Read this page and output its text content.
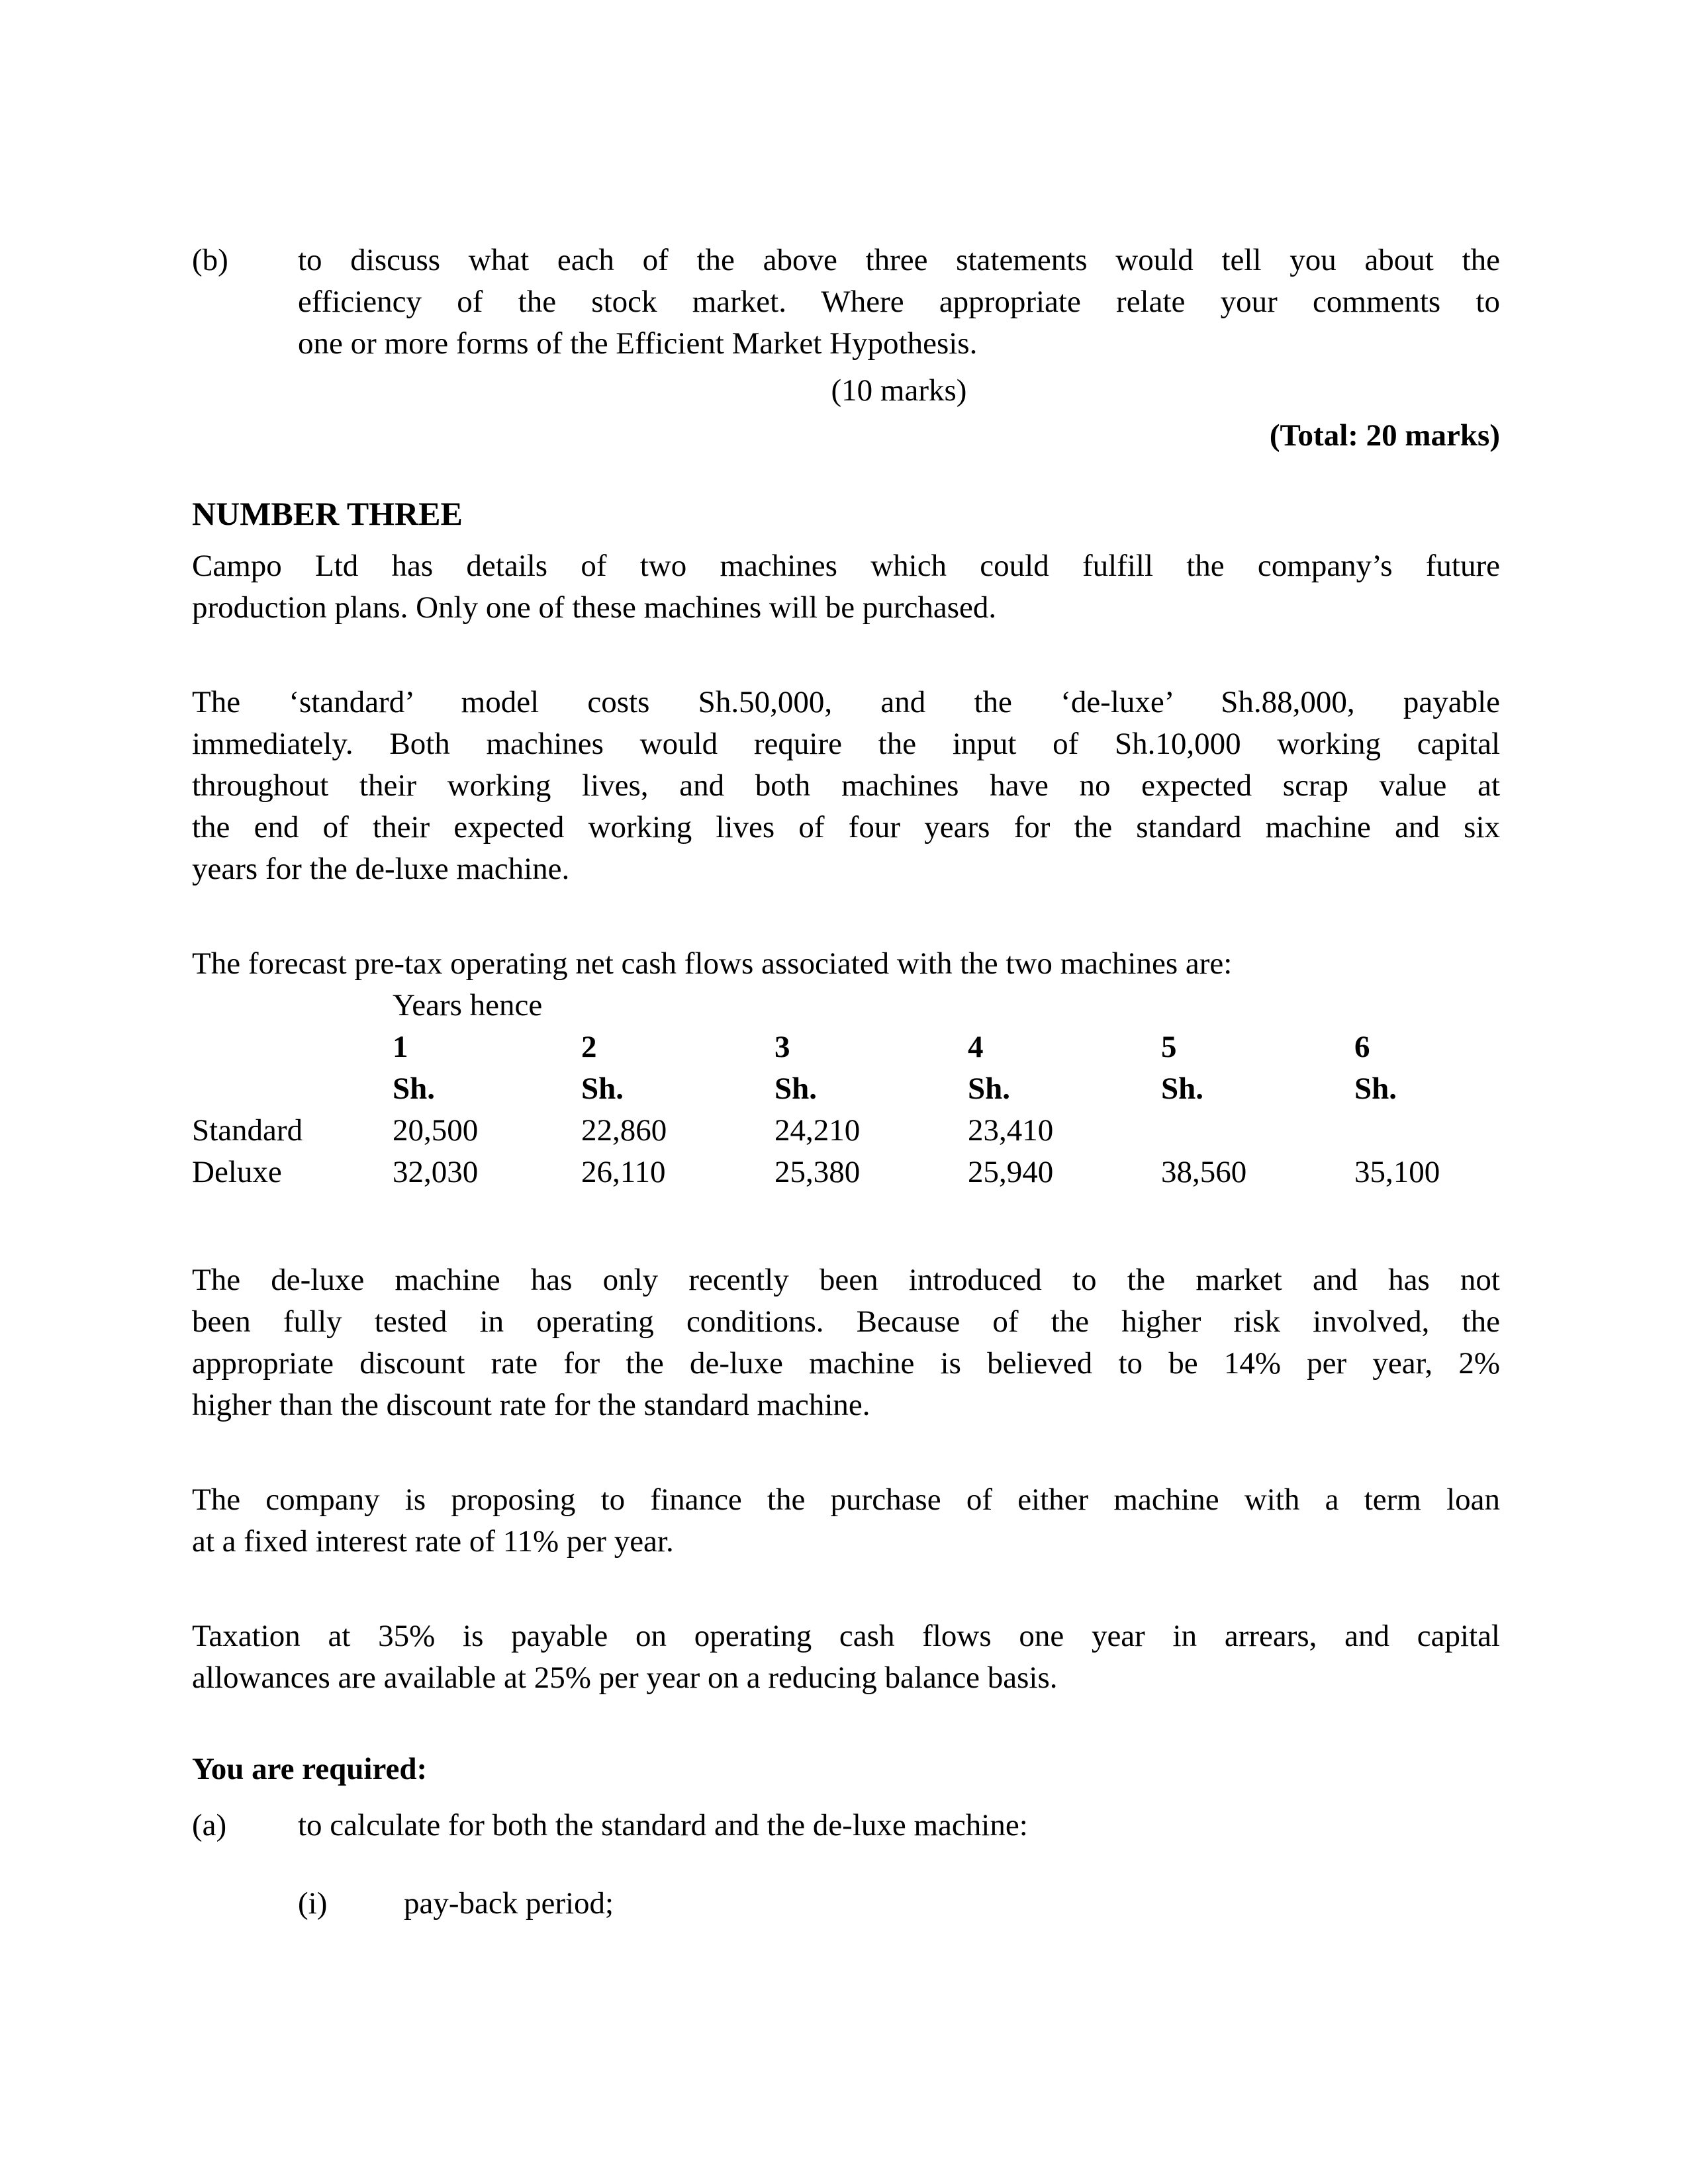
(b)	to discuss what each of the above three statements would tell you about the
efficiency of the stock market. Where appropriate relate your comments to
one or more forms of the Efficient Market Hypothesis.
(10 marks)
(Total: 20 marks)
NUMBER THREE
Campo Ltd has details of two machines which could fulfill the company’s future
production plans. Only one of these machines will be purchased.
The ‘standard’ model costs Sh.50,000, and the ‘de-luxe’ Sh.88,000, payable
immediately. Both machines would require the input of Sh.10,000 working capital
throughout their working lives, and both machines have no expected scrap value at
the end of their expected working lives of four years for the standard machine and six
years for the de-luxe machine.
The forecast pre-tax operating net cash flows associated with the two machines are:
Years hence
1	2	3	4	5	6
Sh.	Sh.	Sh.	Sh.	Sh.	Sh.
Standard	20,500	22,860	24,210	23,410
Deluxe	32,030	26,110	25,380	25,940	38,560	35,100
The de-luxe machine has only recently been introduced to the market and has not
been fully tested in operating conditions. Because of the higher risk involved, the
appropriate discount rate for the de-luxe machine is believed to be 14% per year, 2%
higher than the discount rate for the standard machine.
The company is proposing to finance the purchase of either machine with a term loan
at a fixed interest rate of 11% per year.
Taxation at 35% is payable on operating cash flows one year in arrears, and capital
allowances are available at 25% per year on a reducing balance basis.
You are required:
(a)	to calculate for both the standard and the de-luxe machine:
(i)	pay-back period;
